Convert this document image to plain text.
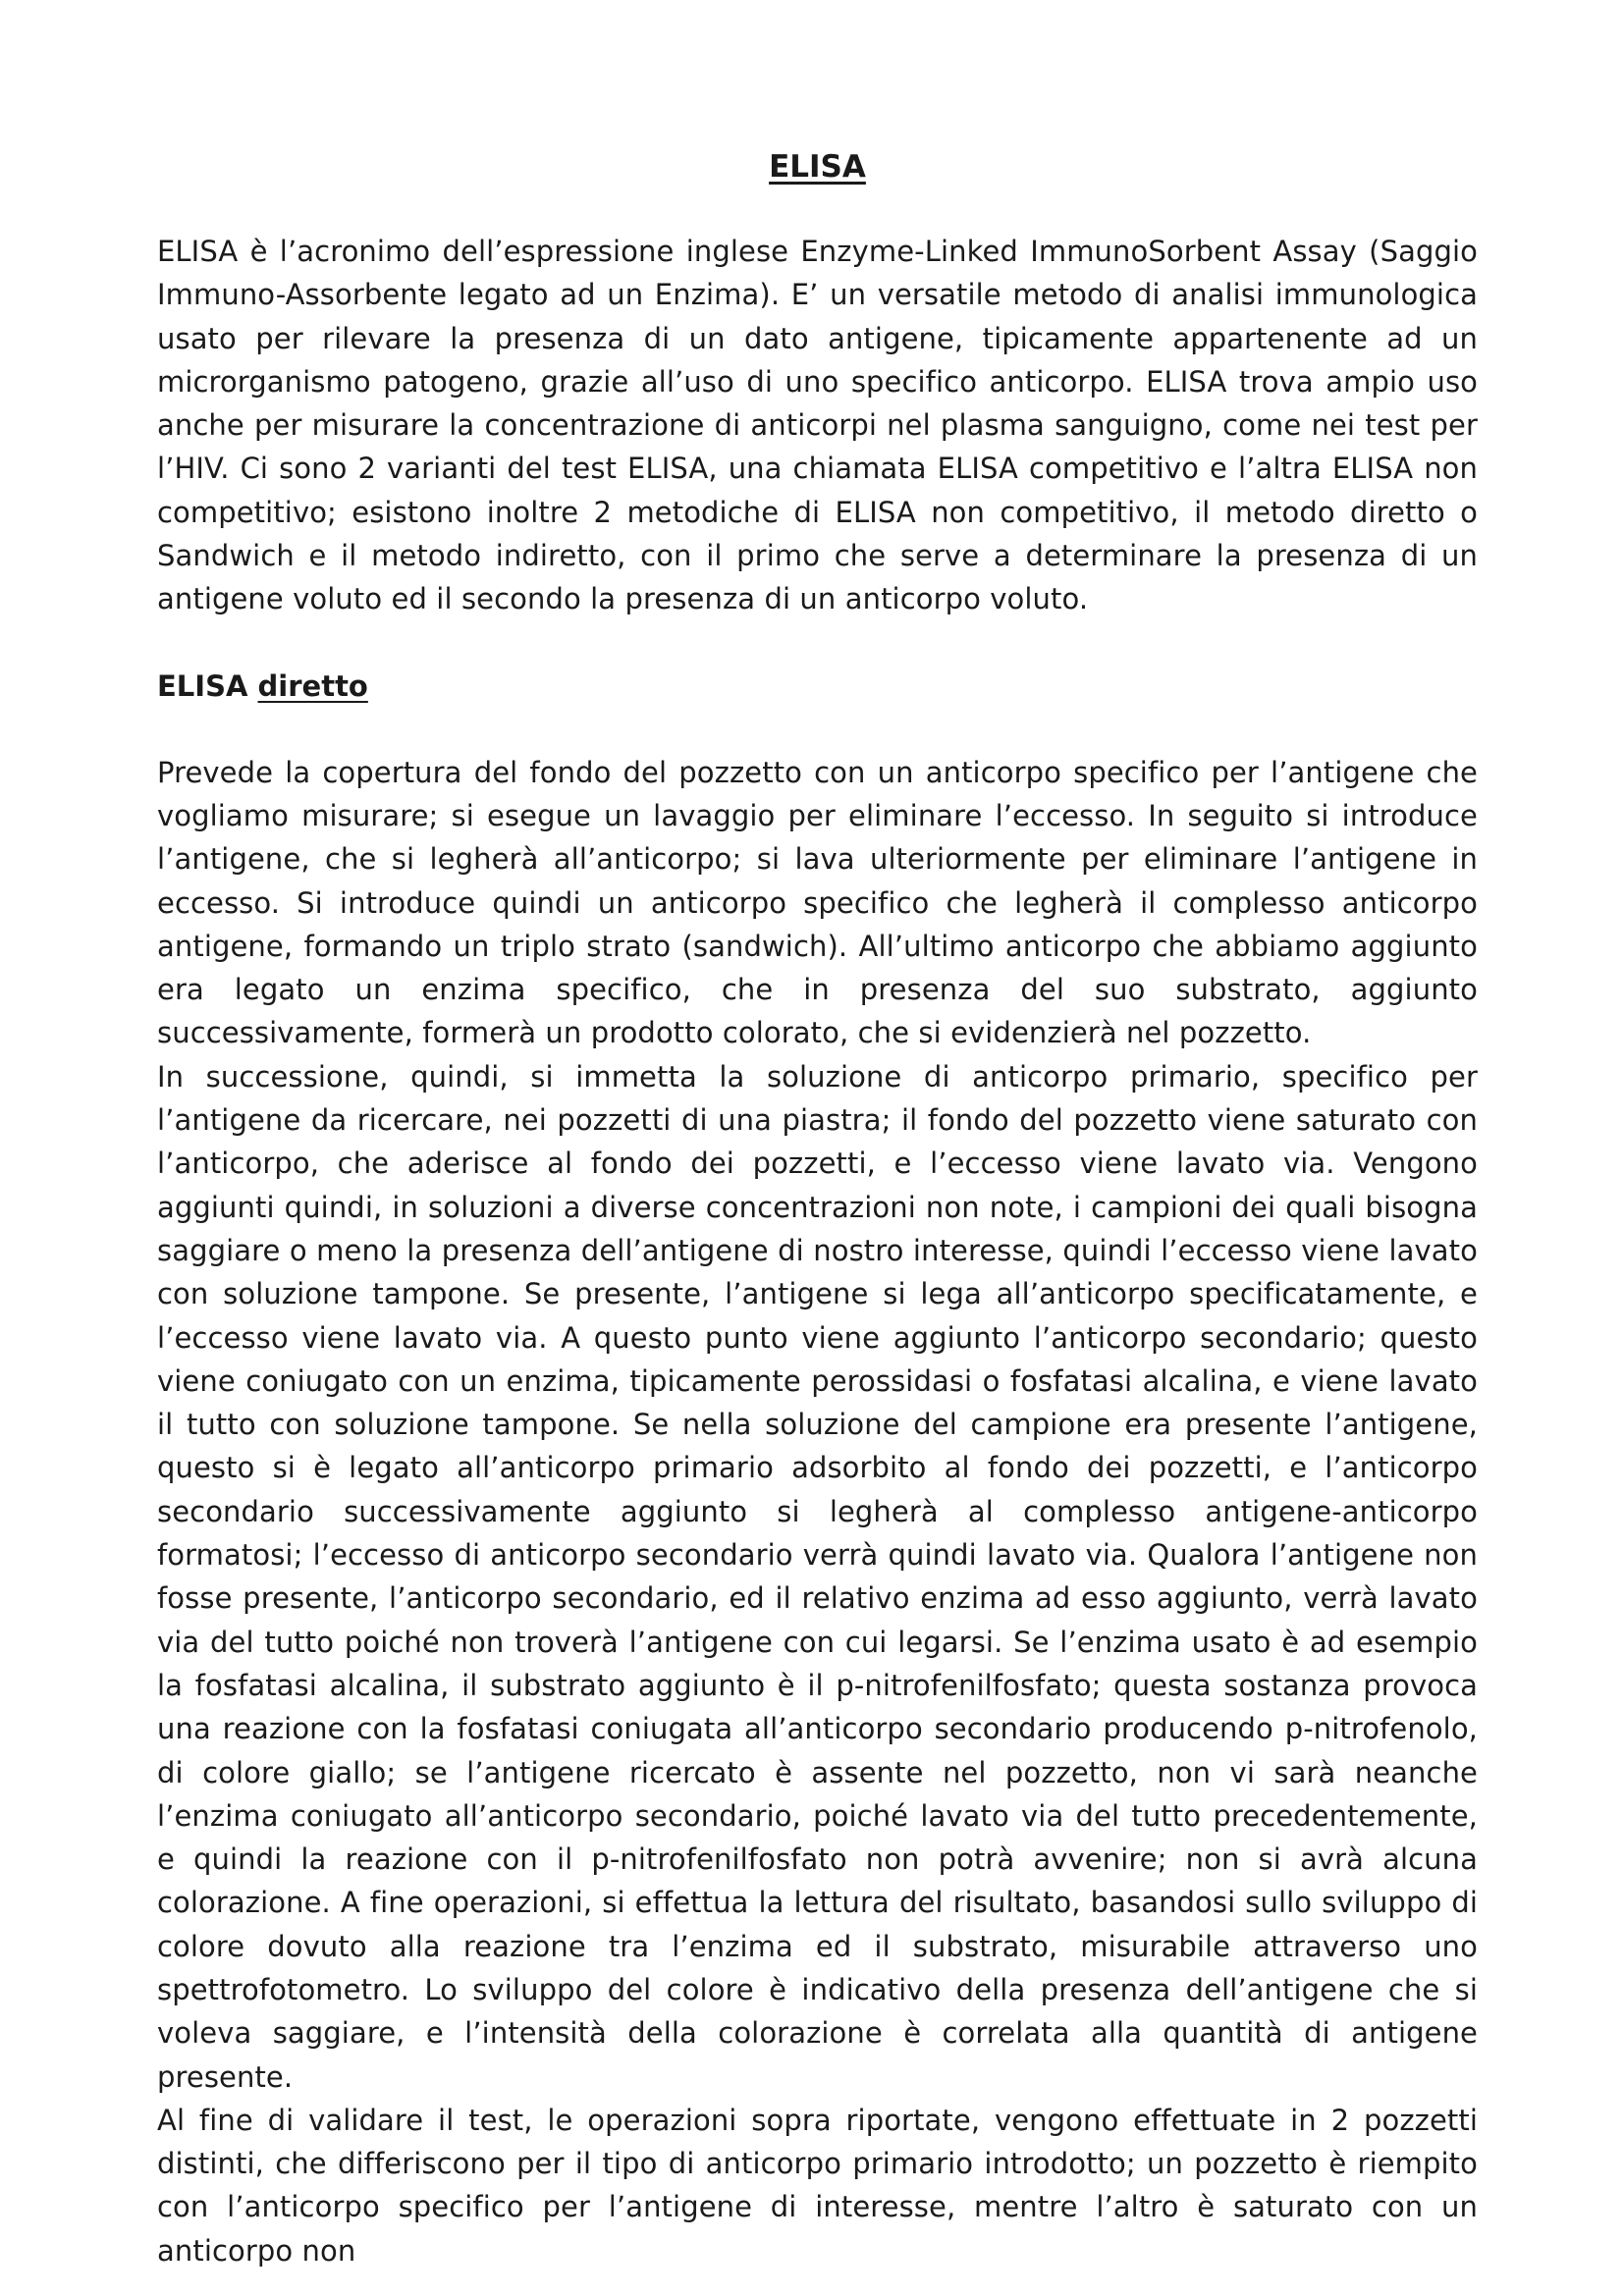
ELISA

ELISA è l’acronimo dell’espressione inglese Enzyme-Linked ImmunoSorbent Assay (Saggio Immuno-Assorbente legato ad un Enzima). E’ un versatile metodo di analisi immunologica usato per rilevare la presenza di un dato antigene, tipicamente appartenente ad un microrganismo patogeno, grazie all’uso di uno specifico anticorpo. ELISA trova ampio uso anche per misurare la concentrazione di anticorpi nel plasma sanguigno, come nei test per l’HIV. Ci sono 2 varianti del test ELISA, una chiamata ELISA competitivo e l’altra ELISA non competitivo; esistono inoltre 2 metodiche di ELISA non competitivo, il metodo diretto o Sandwich e il metodo indiretto, con il primo che serve a determinare la presenza di un antigene voluto ed il secondo la presenza di un anticorpo voluto.

ELISA diretto

Prevede la copertura del fondo del pozzetto con un anticorpo specifico per l’antigene che vogliamo misurare; si esegue un lavaggio per eliminare l’eccesso. In seguito si introduce l’antigene, che si legherà all’anticorpo; si lava ulteriormente per eliminare l’antigene in eccesso. Si introduce quindi un anticorpo specifico che legherà il complesso anticorpo antigene, formando un triplo strato (sandwich). All’ultimo anticorpo che abbiamo aggiunto era legato un enzima specifico, che in presenza del suo substrato, aggiunto successivamente, formerà un prodotto colorato, che si evidenzierà nel pozzetto.

In successione, quindi, si immetta la soluzione di anticorpo primario, specifico per l’antigene da ricercare, nei pozzetti di una piastra; il fondo del pozzetto viene saturato con l’anticorpo, che aderisce al fondo dei pozzetti, e l’eccesso viene lavato via. Vengono aggiunti quindi, in soluzioni a diverse concentrazioni non note, i campioni dei quali bisogna saggiare o meno la presenza dell’antigene di nostro interesse, quindi l’eccesso viene lavato con soluzione tampone. Se presente, l’antigene si lega all’anticorpo specificatamente, e l’eccesso viene lavato via. A questo punto viene aggiunto l’anticorpo secondario; questo viene coniugato con un enzima, tipicamente perossidasi o fosfatasi alcalina, e viene lavato il tutto con soluzione tampone. Se nella soluzione del campione era presente l’antigene, questo si è legato all’anticorpo primario adsorbito al fondo dei pozzetti, e l’anticorpo secondario successivamente aggiunto si legherà al complesso antigene-anticorpo formatosi; l’eccesso di anticorpo secondario verrà quindi lavato via. Qualora l’antigene non fosse presente, l’anticorpo secondario, ed il relativo enzima ad esso aggiunto, verrà lavato via del tutto poiché non troverà l’antigene con cui legarsi. Se l’enzima usato è ad esempio la fosfatasi alcalina, il substrato aggiunto è il p-nitrofenilfosfato; questa sostanza provoca una reazione con la fosfatasi coniugata all’anticorpo secondario producendo p-nitrofenolo, di colore giallo; se l’antigene ricercato è assente nel pozzetto, non vi sarà neanche l’enzima coniugato all’anticorpo secondario, poiché lavato via del tutto precedentemente, e quindi la reazione con il p-nitrofenilfosfato non potrà avvenire; non si avrà alcuna colorazione. A fine operazioni, si effettua la lettura del risultato, basandosi sullo sviluppo di colore dovuto alla reazione tra l’enzima ed il substrato, misurabile attraverso uno spettrofotometro. Lo sviluppo del colore è indicativo della presenza dell’antigene che si voleva saggiare, e l’intensità della colorazione è correlata alla quantità di antigene presente.

Al fine di validare il test, le operazioni sopra riportate, vengono effettuate in 2 pozzetti distinti, che differiscono per il tipo di anticorpo primario introdotto; un pozzetto è riempito con l’anticorpo specifico per l’antigene di interesse, mentre l’altro è saturato con un anticorpo non
